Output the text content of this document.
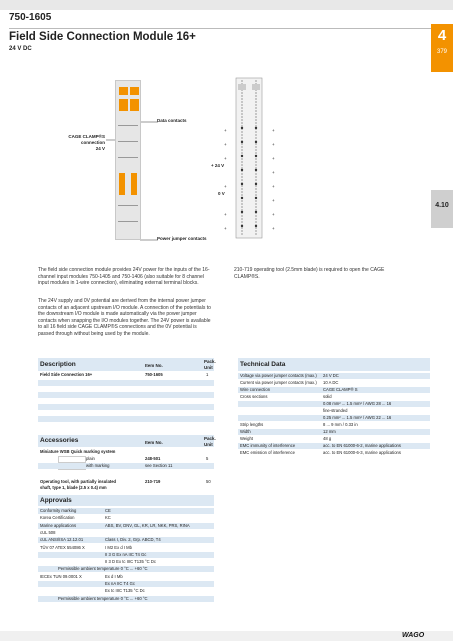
750-1605
Field Side Connection Module 16+
24 V DC
4
379
4.10
Data contacts
CAGE CLAMP®S
connection
24 V
Power jumper contacts
+
+
+
+ 24 V
+
0 V
+
+
+
+
+
+
+
+
+
+
The field side connection module provides 24V power for the inputs of the 16-channel input modules 750-1405 and 750-1406 (also suitable for 8 channel input modules in 1-wire connection), eliminating external terminal blocks.
The 24V supply and 0V potential are derived from the internal power jumper contacts of an adjacent upstream I/O module. A connection of the potentials to the downstream I/O module is made automatically via the power jumper contacts when snapping the I/O modules together. The 24V power is available to all 16 field side CAGE CLAMP®S connections and the 0V potential is passed through without being used by the module.
210-719 operating tool (2.5mm blade) is required to open the CAGE CLAMP®S.
Description	Item No.
Pack.
Unit
Field Side Connection 16+	750-1605	1
Accessories	Item No.
Pack.
Unit
Miniature WSB Quick marking system
plain	248-501	5
with marking	see Section 11
Operating tool, with partially insulated
shaft, type 1, blade (2.5 x 0.4) mm
210-719	50
Approvals
Conformity marking	CE
Korea Certification	KC
Marine applications	ABS, BV, DNV, GL, KR, LR, NKK, PRS, RINA
cUL 508
cUL ANSI/ISA 12.12.01	Class I, Div. 2, Grp. ABCD, T4
TÜV 07 ATEX 554086 X	I M2 Ex d I Mb
II 3 G Ex nA IIC T4 Gc
II 3 D Ex tc IIIC T135 °C Dc
Permissible ambient temperature 0 °C ... +60 °C
IECEx TUN 09.0001 X	Ex d I Mb
Ex nA IIC T4 Gc
Ex tc IIIC T135 °C Dc
Permissible ambient temperature 0 °C ... +60 °C
Technical Data
Voltage via power jumper contacts (max.) 24 V DC
Current via power jumper contacts (max.) 10 A DC
Wire connection	CAGE CLAMP® S
Cross sections	solid
0.08 mm² ... 1.5 mm² / AWG 28 ... 16
fine-stranded
0.25 mm² ... 1.5 mm² / AWG 22 ... 16
Strip lengths	8 ... 9 mm / 0.33 in
Width	12 mm
Weight	48 g
EMC immunity of interference	acc. to EN 61000-6-2, marine applications
EMC emission of interference	acc. to EN 61000-6-3, marine applications
WAGO
